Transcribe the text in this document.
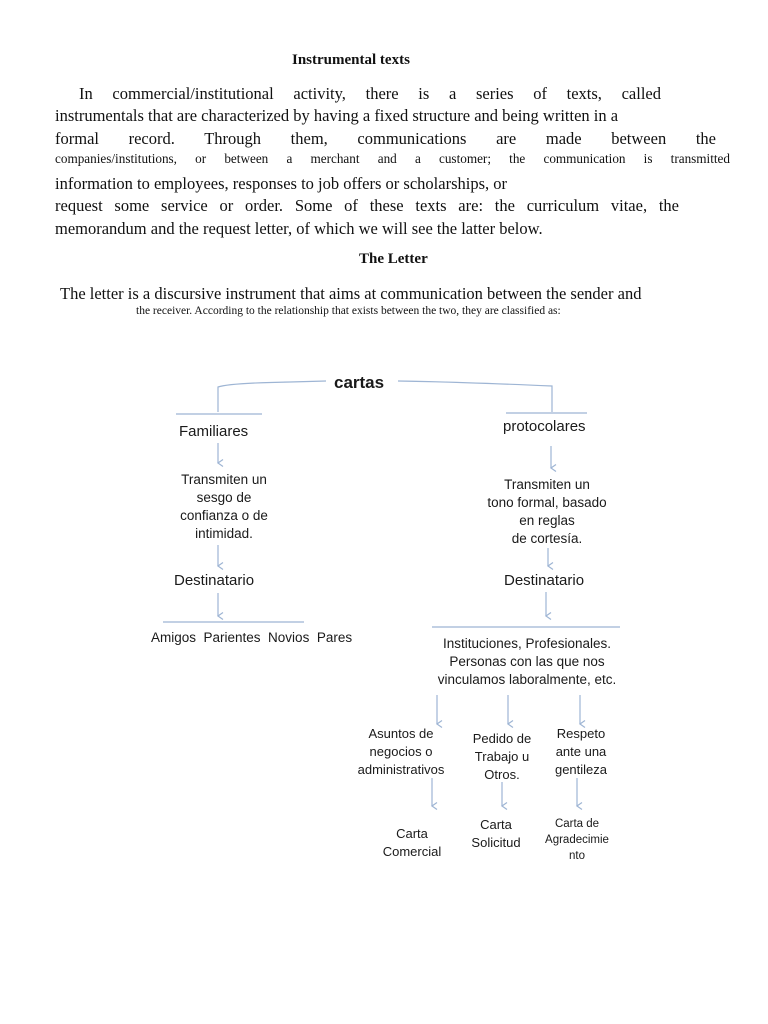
Instrumental texts
In commercial/institutional activity, there is a series of texts, called
instrumentals that are characterized by having a fixed structure and being written in a
formal record. Through them, communications are made between the
companies/institutions, or between a merchant and a customer; the communication is transmitted
information to employees, responses to job offers or scholarships, or
request some service or order. Some of these texts are: the curriculum vitae, the
memorandum and the request letter, of which we will see the latter below.
The Letter
The letter is a discursive instrument that aims at communication between the sender and
the receiver. According to the relationship that exists between the two, they are classified as:
cartas
Familiares
Transmiten un
sesgo de
confianza o de
intimidad.
Destinatario
Amigos  Parientes  Novios  Pares
protocolares
Transmiten un
tono formal, basado
en reglas
de cortesía.
Destinatario
Instituciones, Profesionales.
Personas con las que nos
vinculamos laboralmente, etc.
Asuntos de
negocios o
administrativos
Pedido de
Trabajo u
Otros.
Respeto
ante una
gentileza
Carta
Comercial
Carta
Solicitud
Carta de
Agradecimie
nto
